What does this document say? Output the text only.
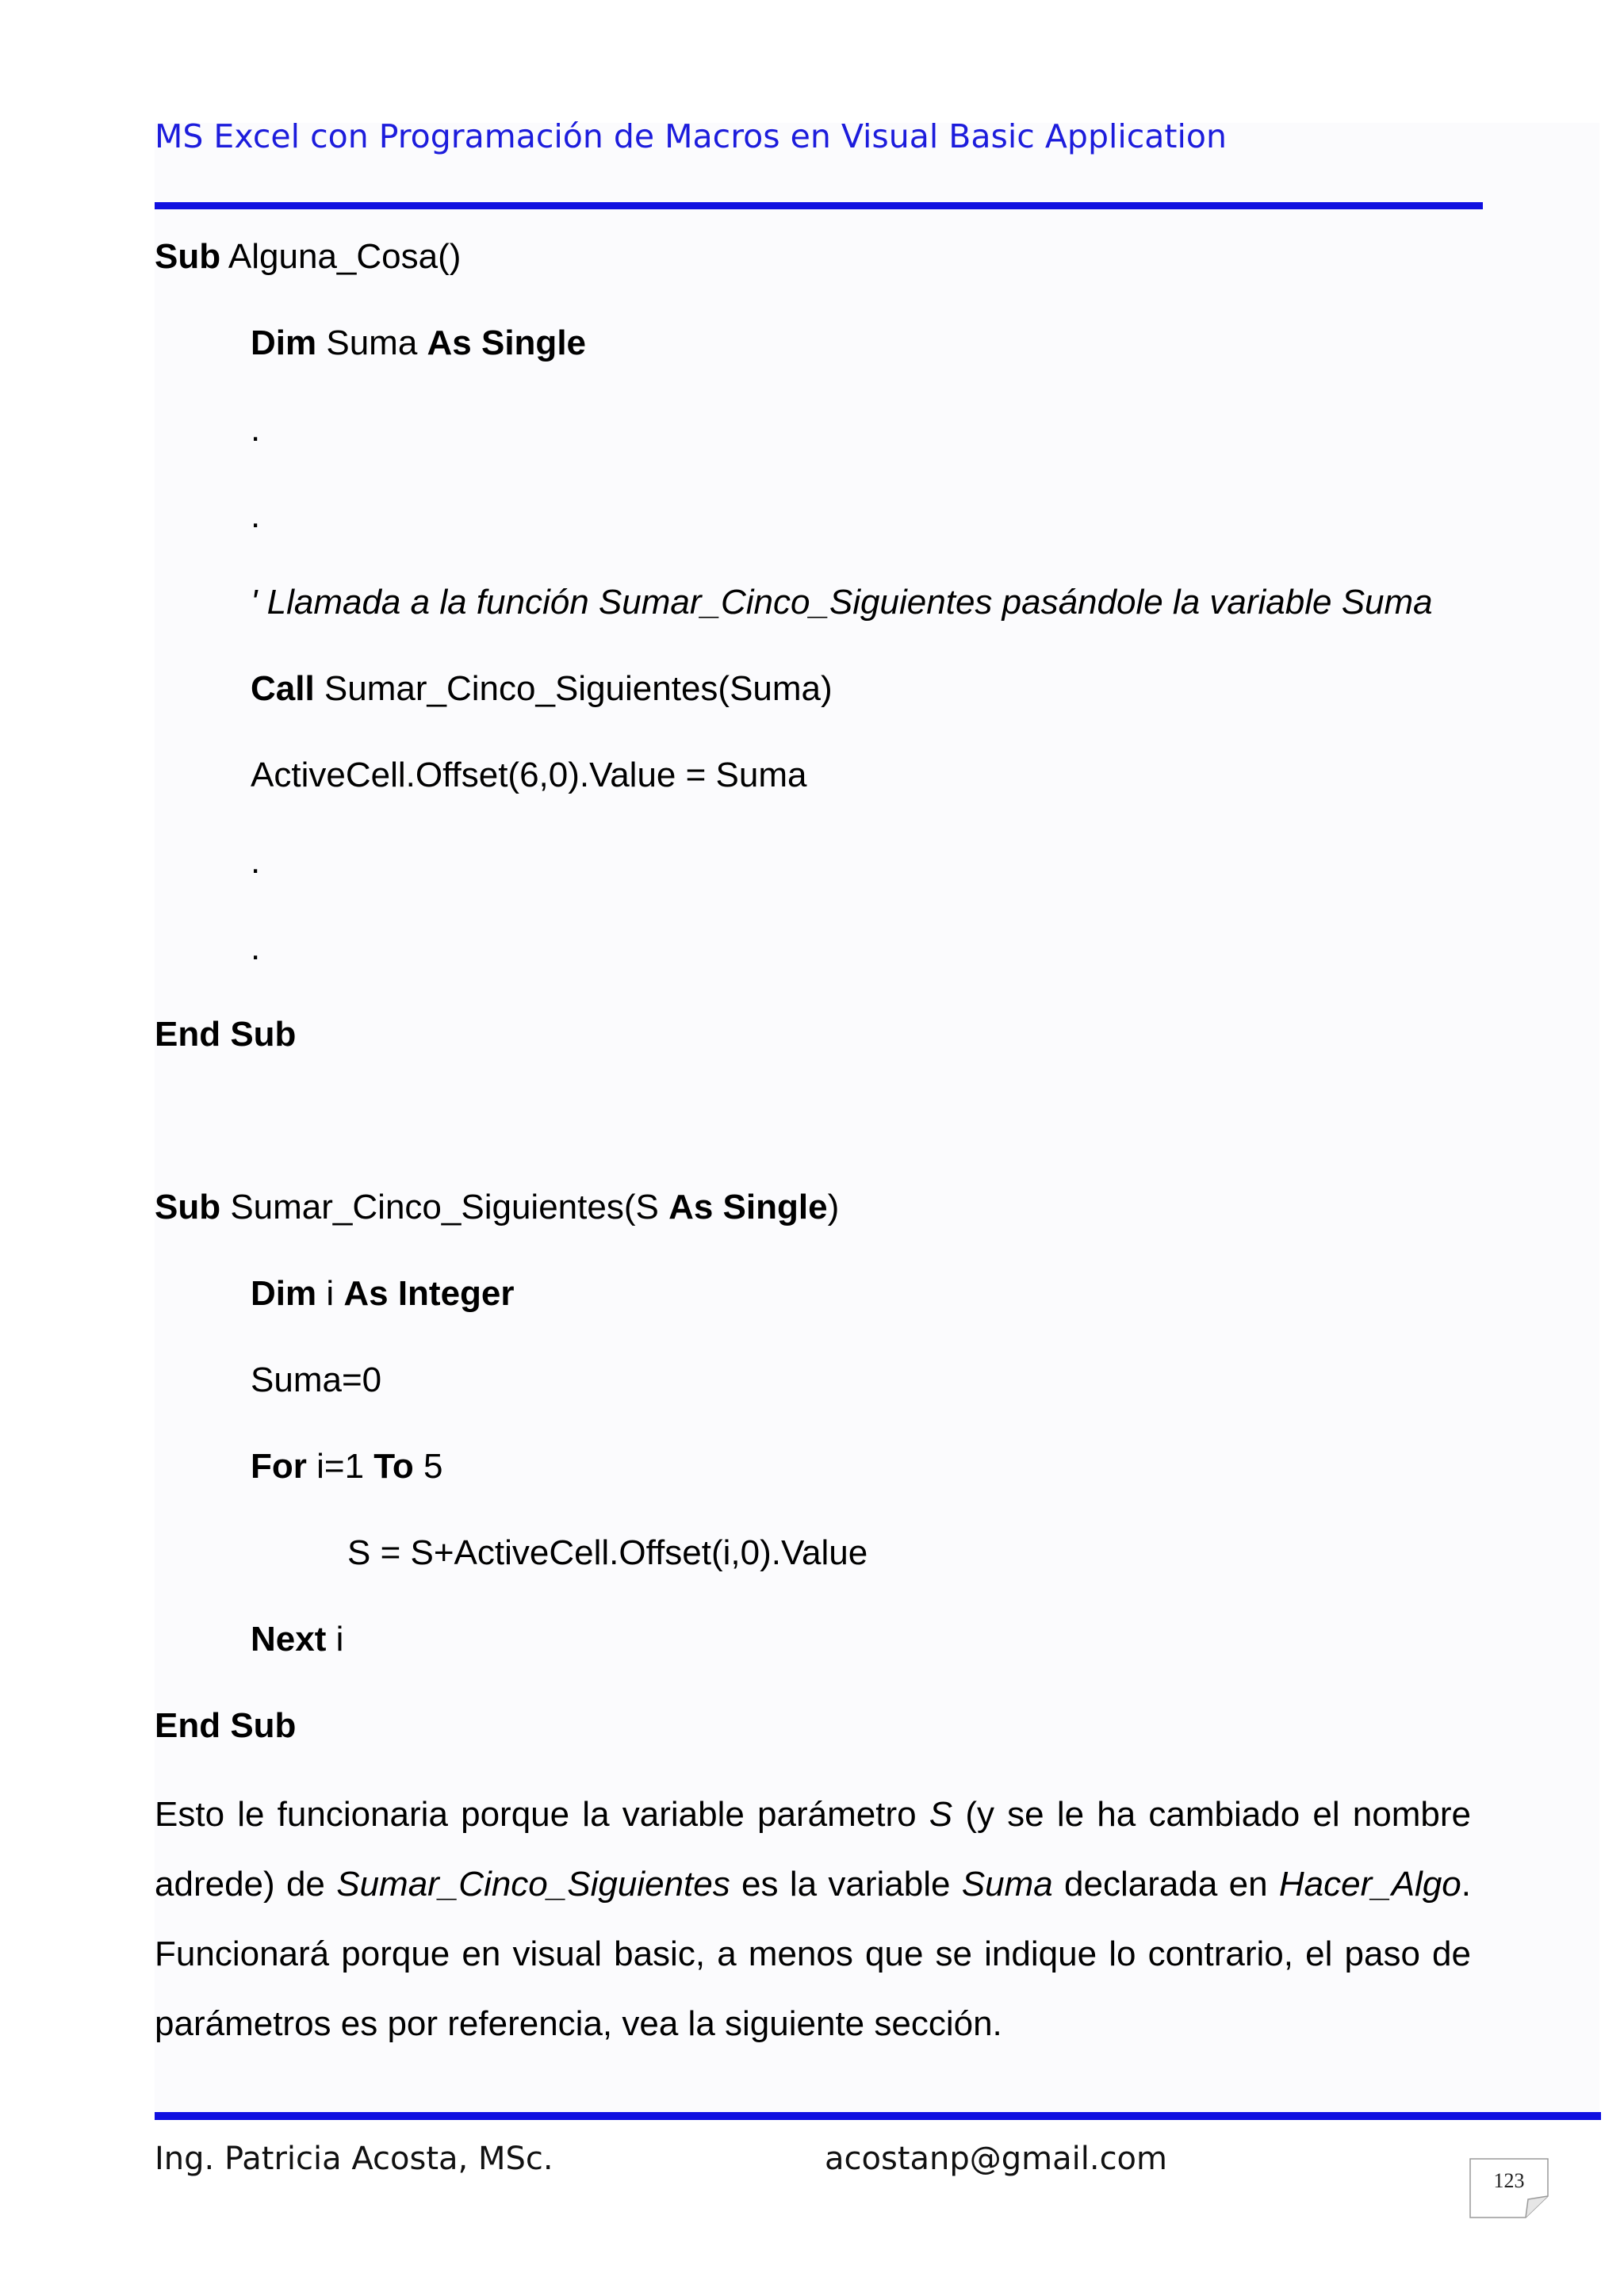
MS Excel con Programación de Macros en Visual Basic Application
Sub Alguna_Cosa()
Dim Suma As Single
.
.
' Llamada a la función Sumar_Cinco_Siguientes pasándole la variable Suma
Call Sumar_Cinco_Siguientes(Suma)
ActiveCell.Offset(6,0).Value = Suma
.
.
End Sub
Sub Sumar_Cinco_Siguientes(S As Single)
Dim i As Integer
Suma=0
For i=1 To 5
S = S+ActiveCell.Offset(i,0).Value
Next i
End Sub
Esto le funcionaria porque la variable parámetro S (y se le ha cambiado el nombre adrede) de Sumar_Cinco_Siguientes es la variable Suma declarada en Hacer_Algo. Funcionará porque en visual basic, a menos que se indique lo contrario, el paso de parámetros es por referencia, vea la siguiente sección.
Ing. Patricia Acosta, MSc.	acostanp@gmail.com
123
